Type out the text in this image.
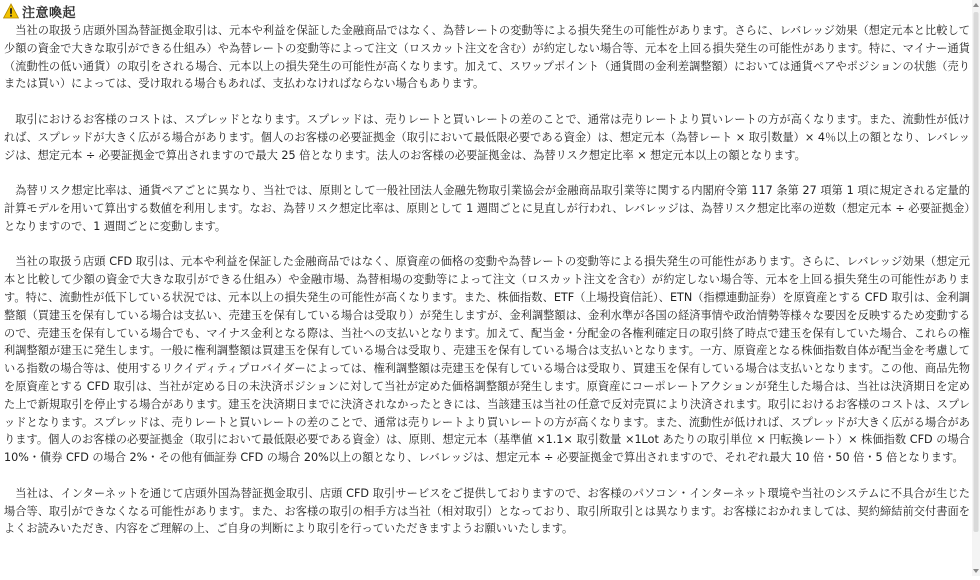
注意喚起

当社の取扱う店頭外国為替証拠金取引は、元本や利益を保証した金融商品ではなく、為替レートの変動等による損失発生の可能性があります。さらに、レバレッジ効果（想定元本と比較して少額の資金で大きな取引ができる仕組み）や為替レートの変動等によって注文（ロスカット注文を含む）が約定しない場合等、元本を上回る損失発生の可能性があります。特に、マイナー通貨（流動性の低い通貨）の取引をされる場合、元本以上の損失発生の可能性が高くなります。加えて、スワップポイント（通貨間の金利差調整額）においては通貨ペアやポジションの状態（売りまたは買い）によっては、受け取れる場合もあれば、支払わなければならない場合もあります。

取引におけるお客様のコストは、スプレッドとなります。スプレッドは、売りレートと買いレートの差のことで、通常は売りレートより買いレートの方が高くなります。また、流動性が低ければ、スプレッドが大きく広がる場合があります。個人のお客様の必要証拠金（取引において最低限必要である資金）は、想定元本（為替レート × 取引数量）× 4％以上の額となり、レバレッジは、想定元本 ÷ 必要証拠金で算出されますので最大 25 倍となります。法人のお客様の必要証拠金は、為替リスク想定比率 × 想定元本以上の額となります。

為替リスク想定比率は、通貨ペアごとに異なり、当社では、原則として一般社団法人金融先物取引業協会が金融商品取引業等に関する内閣府令第 117 条第 27 項第 1 項に規定される定量的計算モデルを用いて算出する数値を利用します。なお、為替リスク想定比率は、原則として 1 週間ごとに見直しが行われ、レバレッジは、為替リスク想定比率の逆数（想定元本 ÷ 必要証拠金）となりますので、1 週間ごとに変動します。

当社の取扱う店頭 CFD 取引は、元本や利益を保証した金融商品ではなく、原資産の価格の変動や為替レートの変動等による損失発生の可能性があります。さらに、レバレッジ効果（想定元本と比較して少額の資金で大きな取引ができる仕組み）や金融市場、為替相場の変動等によって注文（ロスカット注文を含む）が約定しない場合等、元本を上回る損失発生の可能性があります。特に、流動性が低下している状況では、元本以上の損失発生の可能性が高くなります。また、株価指数、ETF（上場投資信託）、ETN（指標連動証券）を原資産とする CFD 取引は、金利調整額（買建玉を保有している場合は支払い、売建玉を保有している場合は受取り）が発生しますが、金利調整額は、金利水準が各国の経済事情や政治情勢等様々な要因を反映するため変動するので、売建玉を保有している場合でも、マイナス金利となる際は、当社への支払いとなります。加えて、配当金・分配金の各権利確定日の取引終了時点で建玉を保有していた場合、これらの権利調整額が建玉に発生します。一般に権利調整額は買建玉を保有している場合は受取り、売建玉を保有している場合は支払いとなります。一方、原資産となる株価指数自体が配当金を考慮している指数の場合等は、使用するリクイディティプロバイダーによっては、権利調整額は売建玉を保有している場合は受取り、買建玉を保有している場合は支払いとなります。この他、商品先物を原資産とする CFD 取引は、当社が定める日の未決済ポジションに対して当社が定めた価格調整額が発生します。原資産にコーポレートアクションが発生した場合は、当社は決済期日を定めた上で新規取引を停止する場合があります。建玉を決済期日までに決済されなかったときには、当該建玉は当社の任意で反対売買により決済されます。取引におけるお客様のコストは、スプレッドとなります。スプレッドは、売りレートと買いレートの差のことで、通常は売りレートより買いレートの方が高くなります。また、流動性が低ければ、スプレッドが大きく広がる場合があります。個人のお客様の必要証拠金（取引において最低限必要である資金）は、原則、想定元本（基準値 ×1.1× 取引数量 ×1Lot あたりの取引単位 × 円転換レート）× 株価指数 CFD の場合 10%・債券 CFD の場合 2%・その他有価証券 CFD の場合 20%以上の額となり、レバレッジは、想定元本 ÷ 必要証拠金で算出されますので、それぞれ最大 10 倍・50 倍・5 倍となります。

当社は、インターネットを通じて店頭外国為替証拠金取引、店頭 CFD 取引サービスをご提供しておりますので、お客様のパソコン・インターネット環境や当社のシステムに不具合が生じた場合等、取引ができなくなる可能性があります。また、お客様の取引の相手方は当社（相対取引）となっており、取引所取引とは異なります。お客様におかれましては、契約締結前交付書面をよくお読みいただき、内容をご理解の上、ご自身の判断により取引を行っていただきますようお願いいたします。
